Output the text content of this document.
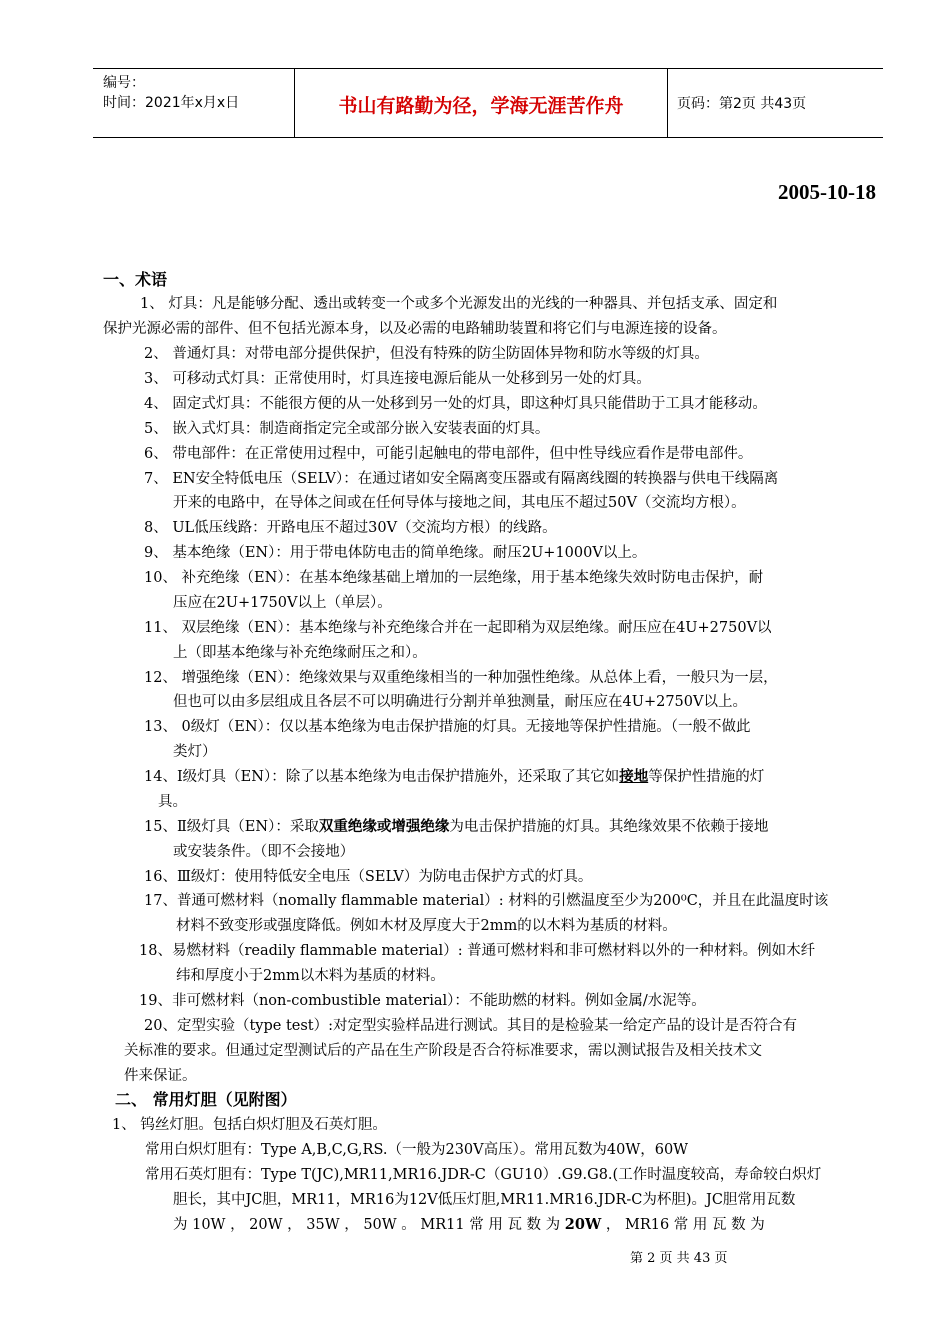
编号：
时间：2021年x月x日	书山有路勤为径，学海无涯苦作舟	页码：第2页 共43页
2005-10-18
一、术语
1、 灯具：凡是能够分配、透出或转变一个或多个光源发出的光线的一种器具、并包括支承、固定和
保护光源必需的部件、但不包括光源本身，以及必需的电路辅助装置和将它们与电源连接的设备。
2、 普通灯具：对带电部分提供保护，但没有特殊的防尘防固体异物和防水等级的灯具。
3、 可移动式灯具：正常使用时，灯具连接电源后能从一处移到另一处的灯具。
4、 固定式灯具：不能很方便的从一处移到另一处的灯具，即这种灯具只能借助于工具才能移动。
5、 嵌入式灯具：制造商指定完全或部分嵌入安装表面的灯具。
6、 带电部件：在正常使用过程中，可能引起触电的带电部件，但中性导线应看作是带电部件。
7、 EN安全特低电压（SELV）：在通过诸如安全隔离变压器或有隔离线圈的转换器与供电干线隔离
开来的电路中，在导体之间或在任何导体与接地之间，其电压不超过50V（交流均方根）。
8、 UL低压线路：开路电压不超过30V（交流均方根）的线路。
9、 基本绝缘（EN）：用于带电体防电击的简单绝缘。耐压2U+1000V以上。
10、 补充绝缘（EN）：在基本绝缘基础上增加的一层绝缘，用于基本绝缘失效时防电击保护，耐
压应在2U+1750V以上（单层）。
11、 双层绝缘（EN）：基本绝缘与补充绝缘合并在一起即稍为双层绝缘。耐压应在4U+2750V以
上（即基本绝缘与补充绝缘耐压之和）。
12、 增强绝缘（EN）：绝缘效果与双重绝缘相当的一种加强性绝缘。从总体上看，一般只为一层，
但也可以由多层组成且各层不可以明确进行分割并单独测量，耐压应在4U+2750V以上。
13、 0级灯（EN）：仅以基本绝缘为电击保护措施的灯具。无接地等保护性措施。（一般不做此
类灯）
14、Ⅰ级灯具（EN）：除了以基本绝缘为电击保护措施外，还采取了其它如接地等保护性措施的灯
具。
15、Ⅱ级灯具（EN）：采取双重绝缘或增强绝缘为电击保护措施的灯具。其绝缘效果不依赖于接地
或安装条件。（即不会接地）
16、Ⅲ级灯：使用特低安全电压（SELV）为防电击保护方式的灯具。
17、普通可燃材料（nomally flammable material）: 材料的引燃温度至少为200⁰C，并且在此温度时该
材料不致变形或强度降低。例如木材及厚度大于2mm的以木料为基质的材料。
18、易燃材料（readily flammable material）: 普通可燃材料和非可燃材料以外的一种材料。例如木纤
纬和厚度小于2mm以木料为基质的材料。
19、非可燃材料（non-combustible material）：不能助燃的材料。例如金属/水泥等。
20、定型实验（type test）:对定型实验样品进行测试。其目的是检验某一给定产品的设计是否符合有
关标准的要求。但通过定型测试后的产品在生产阶段是否合符标准要求，需以测试报告及相关技术文
件来保证。
二、 常用灯胆（见附图）
1、 钨丝灯胆。包括白炽灯胆及石英灯胆。
常用白炽灯胆有：Type A,B,C,G,RS.（一般为230V高压）。常用瓦数为40W，60W
常用石英灯胆有：Type T(JC),MR11,MR16.JDR-C（GU10）.G9.G8.(工作时温度较高，寿命较白炽灯
胆长，其中JC胆，MR11，MR16为12V低压灯胆,MR11.MR16.JDR-C为杯胆)。JC胆常用瓦数
为 10W ， 20W ， 35W ， 50W 。 MR11 常 用 瓦 数 为 20W ， MR16 常 用 瓦 数 为
第 2 页 共 43 页
